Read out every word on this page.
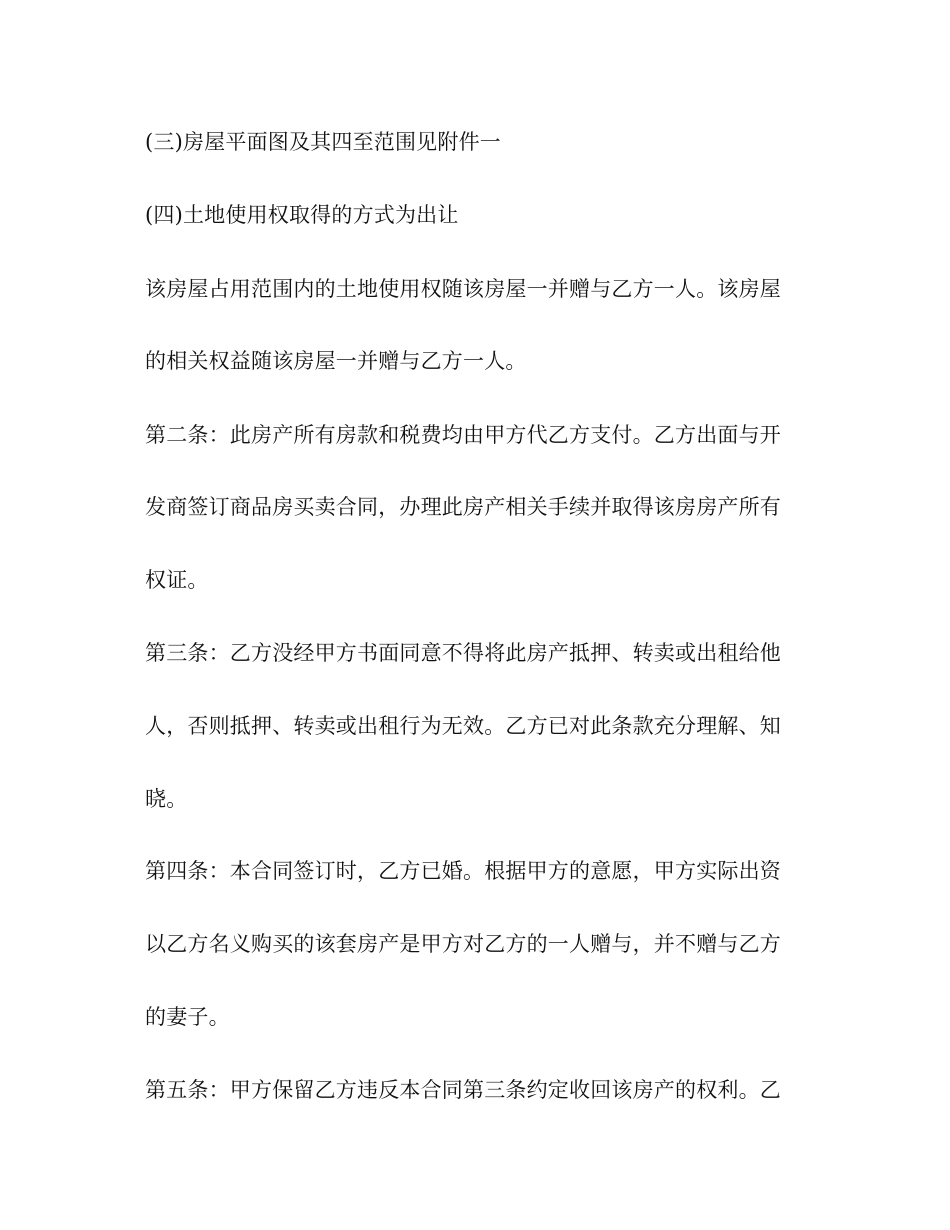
(三)房屋平面图及其四至范围见附件一

(四)土地使用权取得的方式为出让

该房屋占用范围内的土地使用权随该房屋一并赠与乙方一人。该房屋

的相关权益随该房屋一并赠与乙方一人。

第二条：此房产所有房款和税费均由甲方代乙方支付。乙方出面与开

发商签订商品房买卖合同，办理此房产相关手续并取得该房房产所有

权证。

第三条：乙方没经甲方书面同意不得将此房产抵押、转卖或出租给他

人，否则抵押、转卖或出租行为无效。乙方已对此条款充分理解、知

晓。

第四条：本合同签订时，乙方已婚。根据甲方的意愿，甲方实际出资

以乙方名义购买的该套房产是甲方对乙方的一人赠与，并不赠与乙方

的妻子。

第五条：甲方保留乙方违反本合同第三条约定收回该房产的权利。乙
